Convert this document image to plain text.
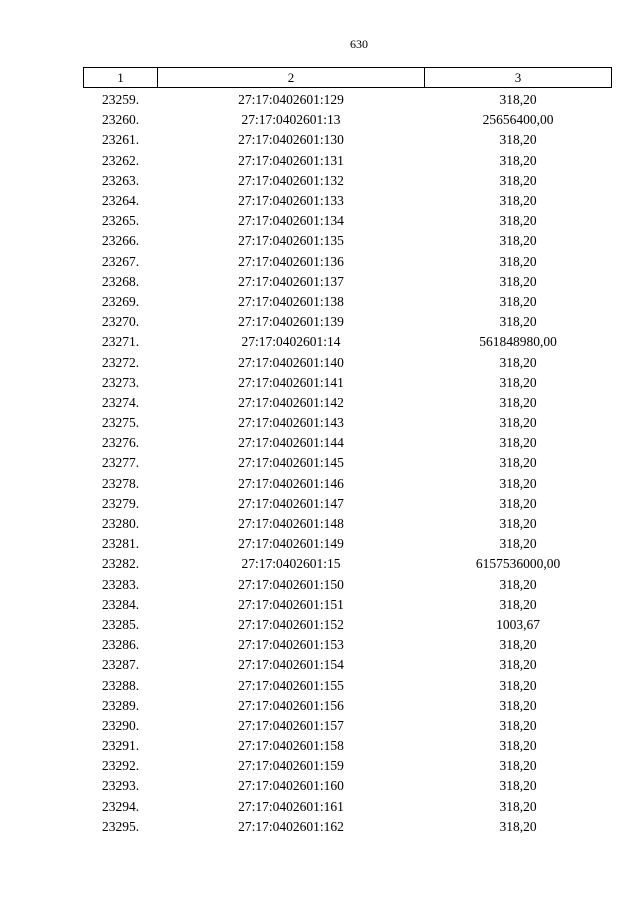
630
1	2	3
23259.	27:17:0402601:129	318,20
23260.	27:17:0402601:13	25656400,00
23261.	27:17:0402601:130	318,20
23262.	27:17:0402601:131	318,20
23263.	27:17:0402601:132	318,20
23264.	27:17:0402601:133	318,20
23265.	27:17:0402601:134	318,20
23266.	27:17:0402601:135	318,20
23267.	27:17:0402601:136	318,20
23268.	27:17:0402601:137	318,20
23269.	27:17:0402601:138	318,20
23270.	27:17:0402601:139	318,20
23271.	27:17:0402601:14	561848980,00
23272.	27:17:0402601:140	318,20
23273.	27:17:0402601:141	318,20
23274.	27:17:0402601:142	318,20
23275.	27:17:0402601:143	318,20
23276.	27:17:0402601:144	318,20
23277.	27:17:0402601:145	318,20
23278.	27:17:0402601:146	318,20
23279.	27:17:0402601:147	318,20
23280.	27:17:0402601:148	318,20
23281.	27:17:0402601:149	318,20
23282.	27:17:0402601:15	6157536000,00
23283.	27:17:0402601:150	318,20
23284.	27:17:0402601:151	318,20
23285.	27:17:0402601:152	1003,67
23286.	27:17:0402601:153	318,20
23287.	27:17:0402601:154	318,20
23288.	27:17:0402601:155	318,20
23289.	27:17:0402601:156	318,20
23290.	27:17:0402601:157	318,20
23291.	27:17:0402601:158	318,20
23292.	27:17:0402601:159	318,20
23293.	27:17:0402601:160	318,20
23294.	27:17:0402601:161	318,20
23295.	27:17:0402601:162	318,20
